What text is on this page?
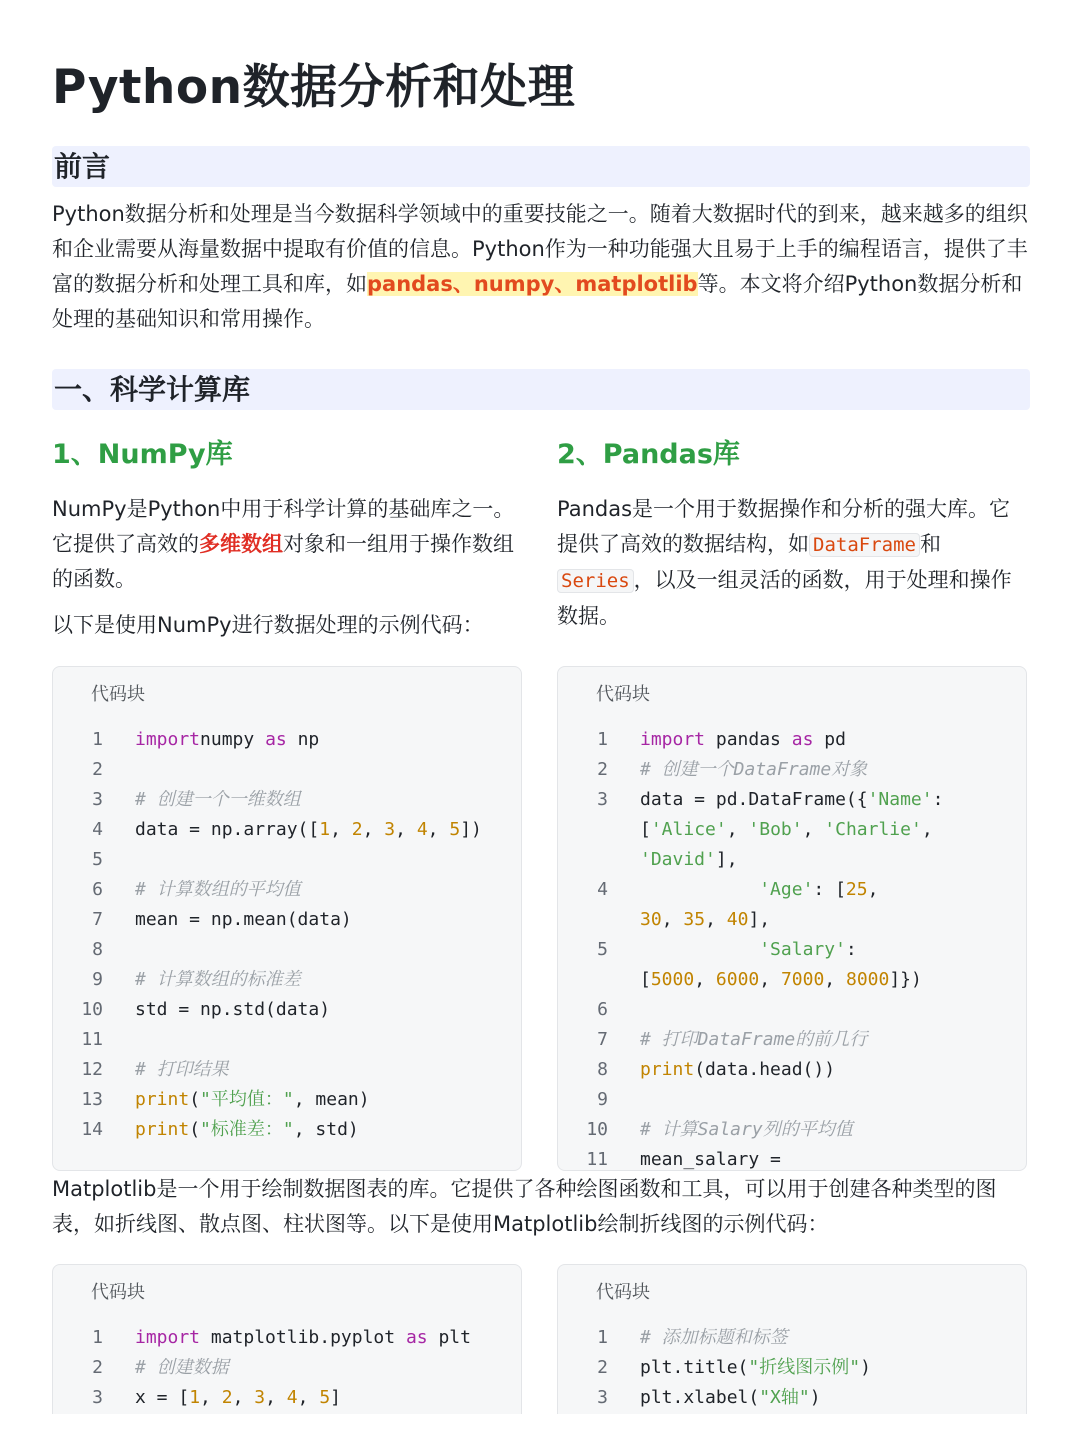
Python数据分析和处理
前言

Python数据分析和处理是当今数据科学领域中的重要技能之一。随着大数据时代的到来，越来越多的组织和企业需要从海量数据中提取有价值的信息。Python作为一种功能强大且易于上手的编程语言，提供了丰富的数据分析和处理工具和库，如pandas、numpy、matplotlib等。本文将介绍Python数据分析和处理的基础知识和常用操作。

一、科学计算库
1、NumPy库

NumPy是Python中用于科学计算的基础库之一。它提供了高效的多维数组对象和一组用于操作数组的函数。

以下是使用NumPy进行数据处理的示例代码：

2、Pandas库

Pandas是一个用于数据操作和分析的强大库。它提供了高效的数据结构，如 DataFrame 和Series ，以及一组灵活的函数，用于处理和操作数据。

代码块
1	importnumpy as np
2
3	# 创建一个一维数组
4	data = np.array([1, 2, 3, 4, 5])
5
6	# 计算数组的平均值
7	mean = np.mean(data)
8
9	# 计算数组的标准差
10	std = np.std(data)
11
12	# 打印结果
13	print("平均值：", mean)
14	print("标准差：", std)
代码块
1	import pandas as pd
2	# 创建一个DataFrame对象
3	data = pd.DataFrame({'Name':
['Alice', 'Bob', 'Charlie',
'David'],
4	'Age': [25,
30, 35, 40],
5	'Salary':
[5000, 6000, 7000, 8000]})
6
7	# 打印DataFrame的前几行
8	print(data.head())
9
10	# 计算Salary列的平均值
11	mean_salary =
Matplotlib是一个用于绘制数据图表的库。它提供了各种绘图函数和工具，可以用于创建各种类型的图表，如折线图、散点图、柱状图等。以下是使用Matplotlib绘制折线图的示例代码：
代码块
1	import matplotlib.pyplot as plt
2	# 创建数据
3	x = [1, 2, 3, 4, 5]
代码块
1	# 添加标题和标签
2	plt.title("折线图示例")
3	plt.xlabel("X轴")
